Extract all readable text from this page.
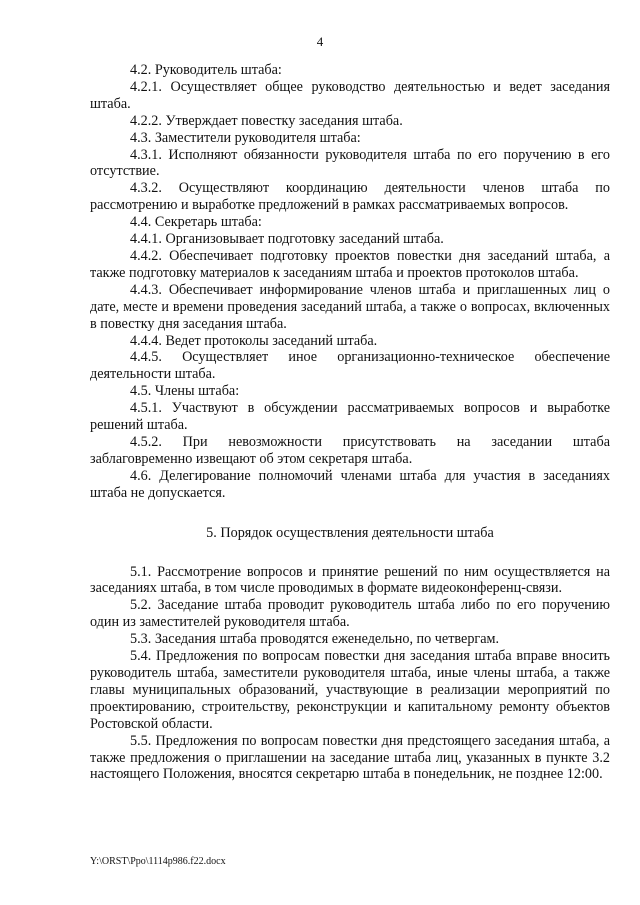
4

4.2. Руководитель штаба:

4.2.1. Осуществляет общее руководство деятельностью и ведет заседания штаба.

4.2.2. Утверждает повестку заседания штаба.

4.3. Заместители руководителя штаба:

4.3.1. Исполняют обязанности руководителя штаба по его поручению в его отсутствие.

4.3.2. Осуществляют координацию деятельности членов штаба по рассмотрению и выработке предложений в рамках рассматриваемых вопросов.

4.4. Секретарь штаба:

4.4.1. Организовывает подготовку заседаний штаба.

4.4.2. Обеспечивает подготовку проектов повестки дня заседаний штаба, а также подготовку материалов к заседаниям штаба и проектов протоколов штаба.

4.4.3. Обеспечивает информирование членов штаба и приглашенных лиц о дате, месте и времени проведения заседаний штаба, а также о вопросах, включенных в повестку дня заседания штаба.

4.4.4. Ведет протоколы заседаний штаба.

4.4.5. Осуществляет иное организационно-техническое обеспечение деятельности штаба.

4.5. Члены штаба:

4.5.1. Участвуют в обсуждении рассматриваемых вопросов и выработке решений штаба.

4.5.2. При невозможности присутствовать на заседании штаба заблаговременно извещают об этом секретаря штаба.

4.6. Делегирование полномочий членами штаба для участия в заседаниях штаба не допускается.

5. Порядок осуществления деятельности штаба

5.1. Рассмотрение вопросов и принятие решений по ним осуществляется на заседаниях штаба, в том числе проводимых в формате видеоконференц-связи.

5.2. Заседание штаба проводит руководитель штаба либо по его поручению один из заместителей руководителя штаба.

5.3. Заседания штаба проводятся еженедельно, по четвергам.

5.4. Предложения по вопросам повестки дня заседания штаба вправе вносить руководитель штаба, заместители руководителя штаба, иные члены штаба, а также главы муниципальных образований, участвующие в реализации мероприятий по проектированию, строительству, реконструкции и капитальному ремонту объектов Ростовской области.

5.5. Предложения по вопросам повестки дня предстоящего заседания штаба, а также предложения о приглашении на заседание штаба лиц, указанных в пункте 3.2 настоящего Положения, вносятся секретарю штаба в понедельник, не позднее 12:00.

Y:\ORST\Ppo\1114p986.f22.docx
